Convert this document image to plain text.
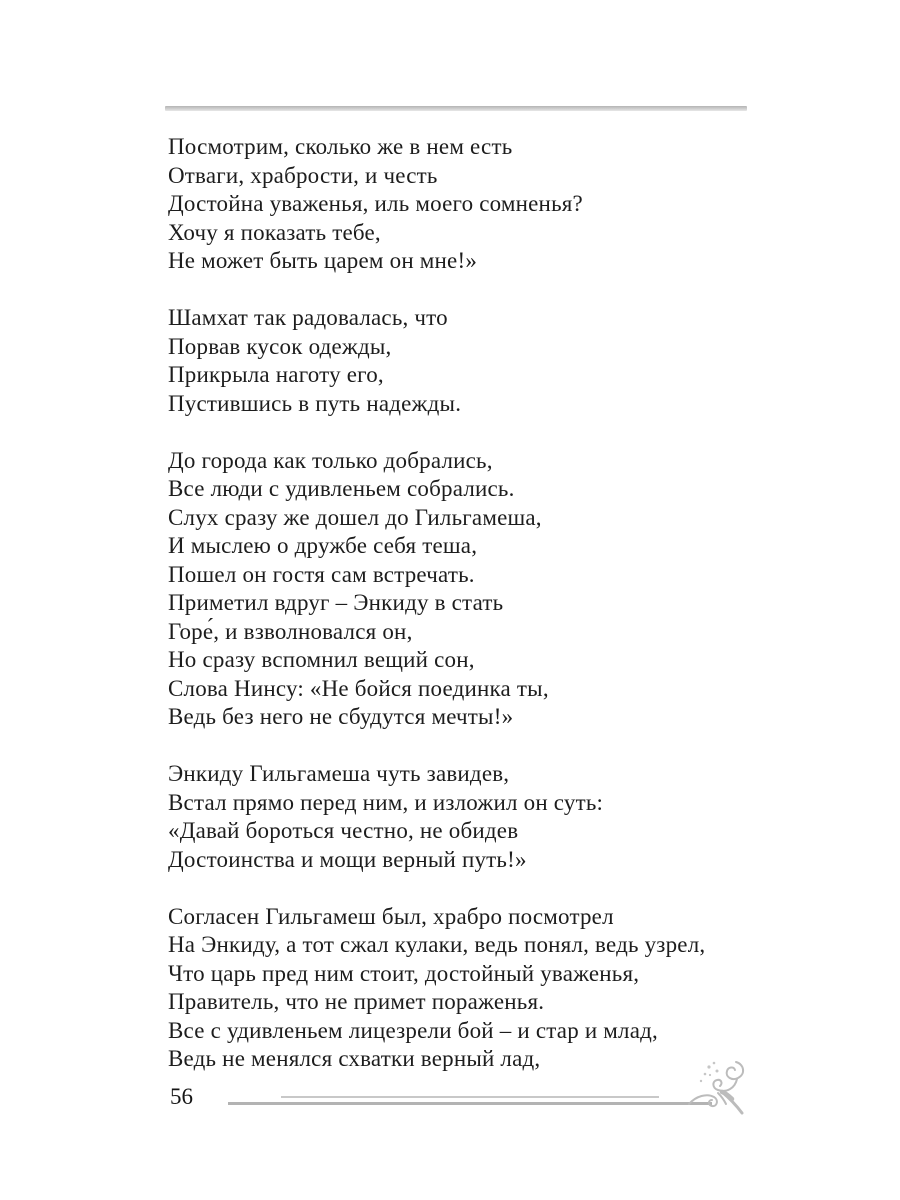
Посмотрим, сколько же в нем есть
Отваги, храбрости, и честь
Достойна уваженья, иль моего сомненья?
Хочу я показать тебе,
Не может быть царем он мне!»

Шамхат так радовалась, что
Порвав кусок одежды,
Прикрыла наготу его,
Пустившись в путь надежды.

До города как только добрались,
Все люди с удивленьем собрались.
Слух сразу же дошел до Гильгамеша,
И мыслею о дружбе себя теша,
Пошел он гостя сам встречать.
Приметил вдруг – Энкиду в стать
Горе́, и взволновался он,
Но сразу вспомнил вещий сон,
Слова Нинсу: «Не бойся поединка ты,
Ведь без него не сбудутся мечты!»

Энкиду Гильгамеша чуть завидев,
Встал прямо перед ним, и изложил он суть:
«Давай бороться честно, не обидев
Достоинства и мощи верный путь!»

Согласен Гильгамеш был, храбро посмотрел
На Энкиду, а тот сжал кулаки, ведь понял, ведь узрел,
Что царь пред ним стоит, достойный уваженья,
Правитель, что не примет пораженья.
Все с удивленьем лицезрели бой – и стар и млад,
Ведь не менялся схватки верный лад,

56
